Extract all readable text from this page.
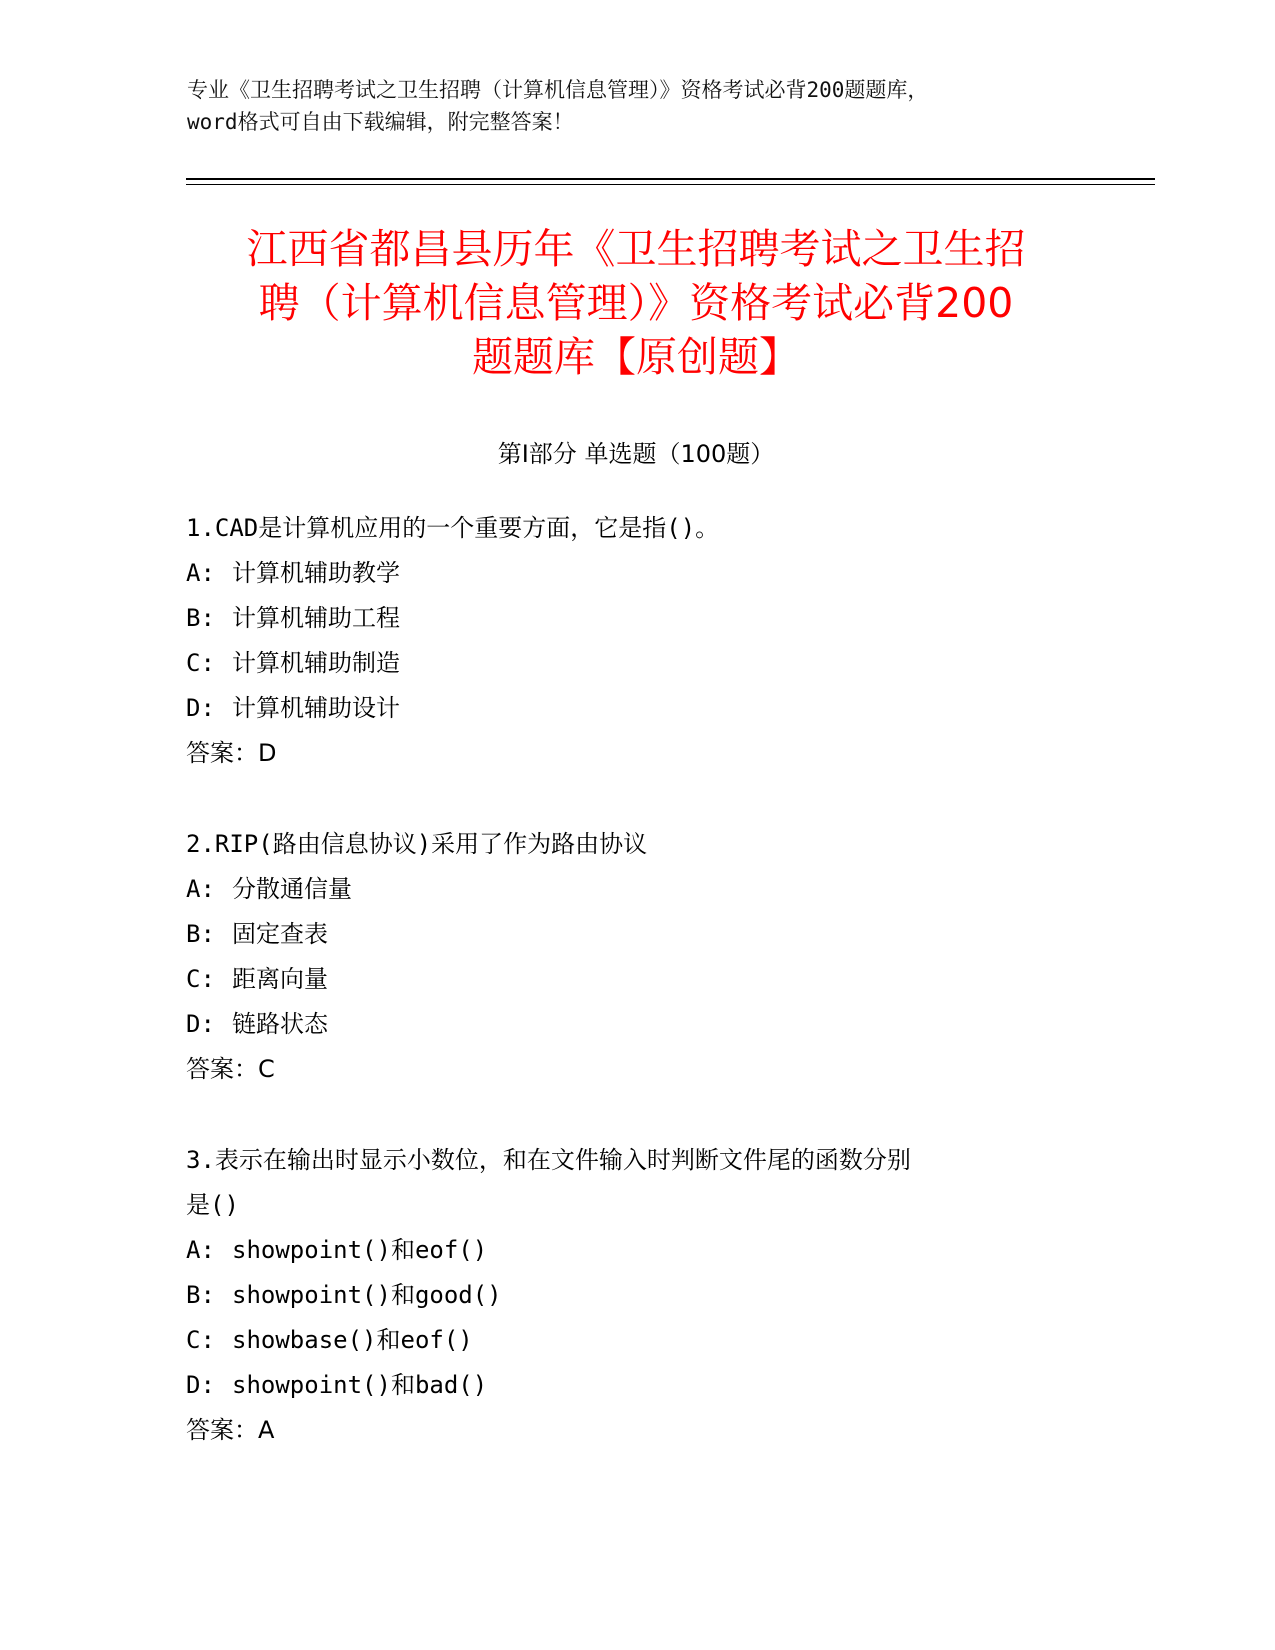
专业《卫生招聘考试之卫生招聘（计算机信息管理）》资格考试必背200题题库，
word格式可自由下载编辑，附完整答案！
江西省都昌县历年《卫生招聘考试之卫生招
聘（计算机信息管理）》资格考试必背200
题题库【原创题】
第I部分 单选题（100题）
1.CAD是计算机应用的一个重要方面，它是指()。
A: 计算机辅助教学
B: 计算机辅助工程
C: 计算机辅助制造
D: 计算机辅助设计
答案：D
2.RIP(路由信息协议)采用了作为路由协议
A: 分散通信量
B: 固定查表
C: 距离向量
D: 链路状态
答案：C
3.表示在输出时显示小数位，和在文件输入时判断文件尾的函数分别
是()
A: showpoint()和eof()
B: showpoint()和good()
C: showbase()和eof()
D: showpoint()和bad()
答案：A
